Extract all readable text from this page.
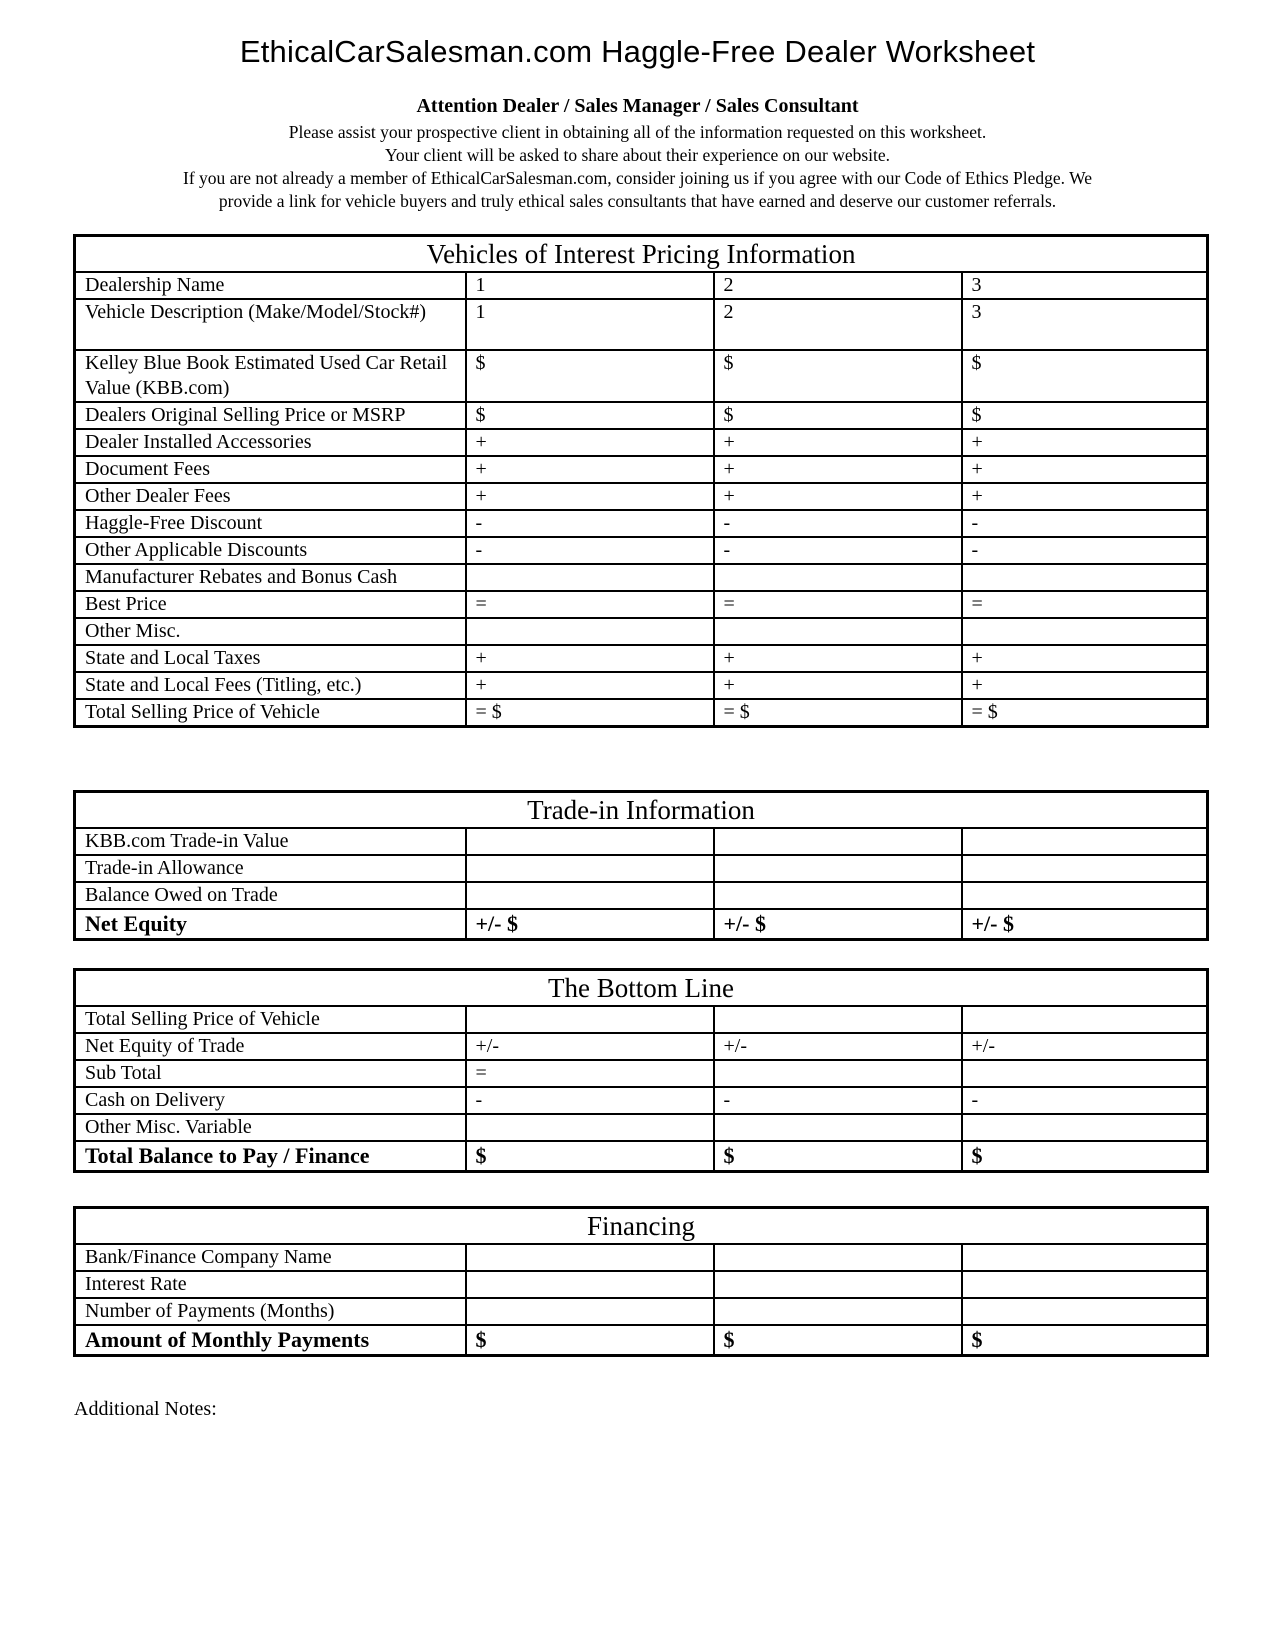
EthicalCarSalesman.com Haggle-Free Dealer Worksheet
Attention Dealer / Sales Manager / Sales Consultant
Please assist your prospective client in obtaining all of the information requested on this worksheet.
Your client will be asked to share about their experience on our website.
If you are not already a member of EthicalCarSalesman.com, consider joining us if you agree with our Code of Ethics Pledge. We
provide a link for vehicle buyers and truly ethical sales consultants that have earned and deserve our customer referrals.
Vehicles of Interest Pricing Information			
Dealership Name	1	2	3
Vehicle Description (Make/Model/Stock#)	1	2	3
Kelley Blue Book Estimated Used Car Retail Value (KBB.com)	$	$	$
Dealers Original Selling Price or MSRP	$	$	$
Dealer Installed Accessories	+	+	+
Document Fees	+	+	+
Other Dealer Fees	+	+	+
Haggle-Free Discount	-	-	-
Other Applicable Discounts	-	-	-
Manufacturer Rebates and Bonus Cash			
Best Price	=	=	=
Other Misc.			
State and Local Taxes	+	+	+
State and Local Fees (Titling, etc.)	+	+	+
Total Selling Price of Vehicle	= $	= $	= $
Trade-in Information			
KBB.com Trade-in Value			
Trade-in Allowance			
Balance Owed on Trade			
Net Equity	+/- $	+/- $	+/- $
The Bottom Line			
Total Selling Price of Vehicle			
Net Equity of Trade	+/-	+/-	+/-
Sub Total	=		
Cash on Delivery	-	-	-
Other Misc. Variable			
Total Balance to Pay / Finance	$	$	$
Financing			
Bank/Finance Company Name			
Interest Rate			
Number of Payments (Months)			
Amount of Monthly Payments	$	$	$
Additional Notes:
